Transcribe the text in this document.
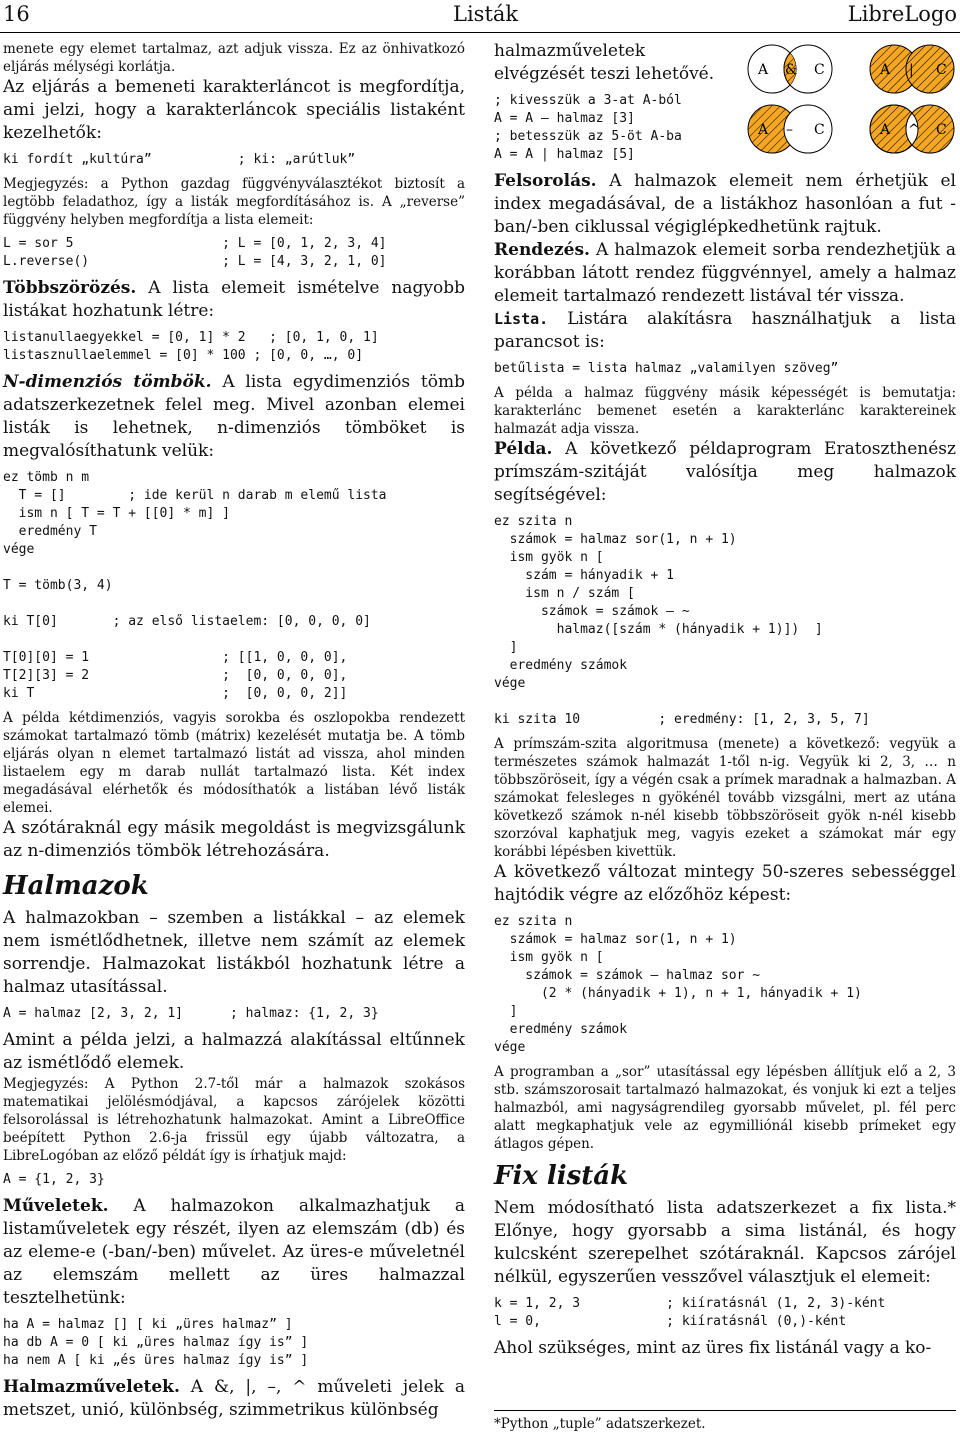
16	Listák	LibreLogo

menete egy elemet tartalmaz, azt adjuk vissza. Ez az önhivatkozó eljárás mélységi korlátja.

Az eljárás a bemeneti karakterláncot is megfordítja, ami jelzi, hogy a karakterláncok speciális listaként kezelhetők:

ki fordít „kultúra”           ; ki: „arútluk”

Megjegyzés: a Python gazdag függvényválasztékot biztosít a legtöbb feladathoz, így a listák megfordításához is. A „reverse” függvény helyben megfordítja a lista elemeit:

L = sor 5                   ; L = [0, 1, 2, 3, 4]
L.reverse()                 ; L = [4, 3, 2, 1, 0]

Többszörözés. A lista elemeit ismételve nagyobb listákat hozhatunk létre:

listanullaegyekkel = [0, 1] * 2   ; [0, 1, 0, 1]
listasznullaelemmel = [0] * 100 ; [0, 0, …, 0]

N-dimenziós tömbök. A lista egydimenziós tömb adatszerkezetnek felel meg. Mivel azonban elemei listák is lehetnek, n-dimenziós tömböket is megvalósíthatunk velük:

ez tömb n m
T = []        ; ide kerül n darab m elemű lista
ism n [ T = T + [[0] * m] ]
eredmény T
vége

T = tömb(3, 4)

ki T[0]       ; az első listaelem: [0, 0, 0, 0]

T[0][0] = 1                 ; [[1, 0, 0, 0],
T[2][3] = 2                 ;  [0, 0, 0, 0],
ki T                        ;  [0, 0, 0, 2]]

A példa kétdimenziós, vagyis sorokba és oszlopokba rendezett számokat tartalmazó tömb (mátrix) kezelését mutatja be. A tömb eljárás olyan n elemet tartalmazó listát ad vissza, ahol minden listaelem egy m darab nullát tartalmazó lista. Két index megadásával elérhetők és módosíthatók a listában lévő listák elemei.

A szótáraknál egy másik megoldást is megvizsgálunk az n-dimenziós tömbök létrehozására.

Halmazok

A halmazokban – szemben a listákkal – az elemek nem ismétlődhetnek, illetve nem számít az elemek sorrendje. Halmazokat listákból hozhatunk létre a halmaz utasítással.

A = halmaz [2, 3, 2, 1]      ; halmaz: {1, 2, 3}

Amint a példa jelzi, a halmazzá alakítással eltűnnek az ismétlődő elemek.

Megjegyzés: A Python 2.7-től már a halmazok szokásos matematikai jelölésmódjával, a kapcsos zárójelek közötti felsorolással is létrehozhatunk halmazokat. Amint a LibreOffice beépített Python 2.6-ja frissül egy újabb változatra, a LibreLogóban az előző példát így is írhatjuk majd:

A = {1, 2, 3}

Műveletek. A halmazokon alkalmazhatjuk a listaműveletek egy részét, ilyen az elemszám (db) és az eleme-e (-ban/-ben) művelet. Az üres-e műveletnél az elemszám mellett az üres halmazzal tesztelhetünk:

ha A = halmaz [] [ ki „üres halmaz” ]
ha db A = 0 [ ki „üres halmaz így is” ]
ha nem A [ ki „és üres halmaz így is” ]

Halmazműveletek. A &, |, –, ^ műveleti jelek a metszet, unió, különbség, szimmetrikus különbség

A & C	A | C
A – C	A ^ C

halmazműveletek elvégzését teszi lehetővé.

; kivesszük a 3-at A-ból
A = A – halmaz [3]
; betesszük az 5-öt A-ba
A = A | halmaz [5]

Felsorolás. A halmazok elemeit nem érhetjük el index megadásával, de a listákhoz hasonlóan a fut -ban/-ben ciklussal végiglépkedhetünk rajtuk.

Rendezés. A halmazok elemeit sorba rendezhetjük a korábban látott rendez függvénnyel, amely a halmaz elemeit tartalmazó rendezett listával tér vissza.

Lista. Listára alakításra használhatjuk a lista parancsot is:

betűlista = lista halmaz „valamilyen szöveg”

A példa a halmaz függvény másik képességét is bemutatja: karakterlánc bemenet esetén a karakterlánc karaktereinek halmazát adja vissza.

Példa. A következő példaprogram Eratoszthenész prímszám-szitáját valósítja meg halmazok segítségével:

ez szita n
számok = halmaz sor(1, n + 1)
ism gyök n [
szám = hányadik + 1
ism n / szám [
számok = számok – ~
halmaz([szám * (hányadik + 1)])  ]
]
eredmény számok
vége

ki szita 10          ; eredmény: [1, 2, 3, 5, 7]

A prímszám-szita algoritmusa (menete) a következő: vegyük a természetes számok halmazát 1-től n-ig. Vegyük ki 2, 3, … n többszöröseit, így a végén csak a prímek maradnak a halmazban. A számokat felesleges n gyökénél tovább vizsgálni, mert az utána következő számok n-nél kisebb többszöröseit gyök n-nél kisebb szorzóval kaphatjuk meg, vagyis ezeket a számokat már egy korábbi lépésben kivettük.

A következő változat mintegy 50-szeres sebességgel hajtódik végre az előzőhöz képest:

ez szita n
számok = halmaz sor(1, n + 1)
ism gyök n [
számok = számok – halmaz sor ~
(2 * (hányadik + 1), n + 1, hányadik + 1)
]
eredmény számok
vége

A programban a „sor” utasítással egy lépésben állítjuk elő a 2, 3 stb. számszorosait tartalmazó halmazokat, és vonjuk ki ezt a teljes halmazból, ami nagyságrendileg gyorsabb művelet, pl. fél perc alatt megkaphatjuk vele az egymilliónál kisebb prímeket egy átlagos gépen.

Fix listák

Nem módosítható lista adatszerkezet a fix lista.* Előnye, hogy gyorsabb a sima listánál, és hogy kulcsként szerepelhet szótáraknál. Kapcsos zárójel nélkül, egyszerűen vesszővel választjuk el elemeit:

k = 1, 2, 3           ; kiíratásnál (1, 2, 3)-ként
l = 0,                ; kiíratásnál (0,)-ként

Ahol szükséges, mint az üres fix listánál vagy a ko-

*Python „tuple” adatszerkezet.
